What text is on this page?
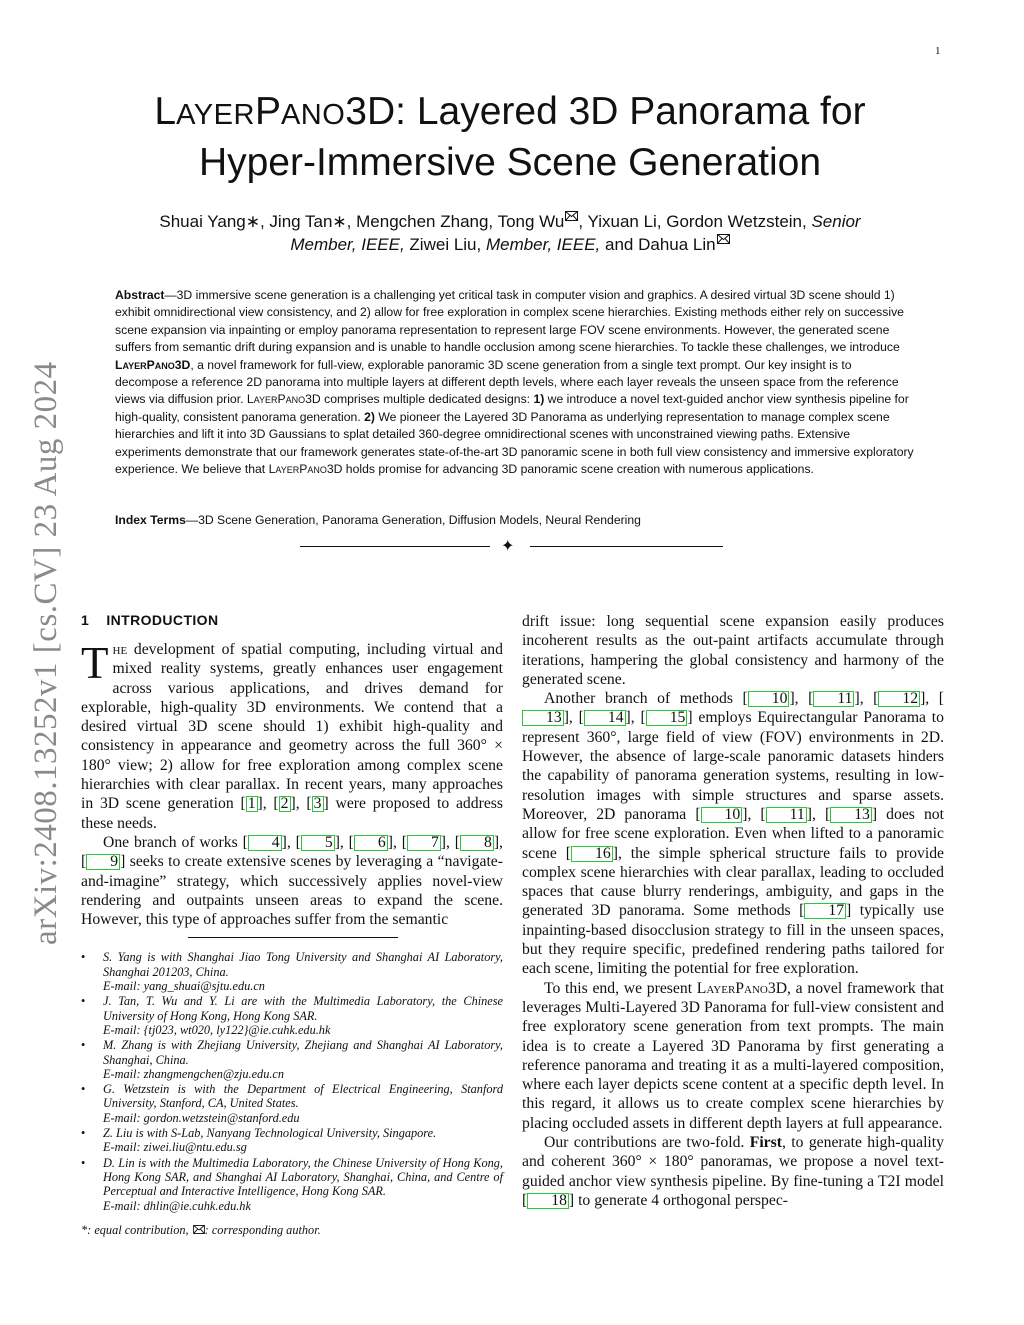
1
arXiv:2408.13252v1 [cs.CV] 23 Aug 2024
LAYERPANO3D: Layered 3D Panorama for
Hyper-Immersive Scene Generation
Shuai Yang∗, Jing Tan∗, Mengchen Zhang, Tong Wu , Yixuan Li, Gordon Wetzstein, Senior Member, IEEE, Ziwei Liu, Member, IEEE, and Dahua Lin

Abstract—3D immersive scene generation is a challenging yet critical task in computer vision and graphics. A desired virtual 3D scene should 1) exhibit omnidirectional view consistency, and 2) allow for free exploration in complex scene hierarchies. Existing methods either rely on successive scene expansion via inpainting or employ panorama representation to represent large FOV scene environments. However, the generated scene suffers from semantic drift during expansion and is unable to handle occlusion among scene hierarchies. To tackle these challenges, we introduce LayerPano3D, a novel framework for full-view, explorable panoramic 3D scene generation from a single text prompt. Our key insight is to decompose a reference 2D panorama into multiple layers at different depth levels, where each layer reveals the unseen space from the reference views via diffusion prior. LayerPano3D comprises multiple dedicated designs: 1) we introduce a novel text-guided anchor view synthesis pipeline for high-quality, consistent panorama generation. 2) We pioneer the Layered 3D Panorama as underlying representation to manage complex scene hierarchies and lift it into 3D Gaussians to splat detailed 360-degree omnidirectional scenes with unconstrained viewing paths. Extensive experiments demonstrate that our framework generates state-of-the-art 3D panoramic scene in both full view consistency and immersive exploratory experience. We believe that LayerPano3D holds promise for advancing 3D panoramic scene creation with numerous applications.

Index Terms—3D Scene Generation, Panorama Generation, Diffusion Models, Neural Rendering

✦
1 INTRODUCTION

The development of spatial computing, including virtual and mixed reality systems, greatly enhances user engagement across various applications, and drives demand for explorable, high-quality 3D environments. We contend that a desired virtual 3D scene should 1) exhibit high-quality and consistency in appearance and geometry across the full 360° × 180° view; 2) allow for free exploration among complex scene hierarchies with clear parallax. In recent years, many approaches in 3D scene generation [ 1 ], [ 2 ], [ 3 ] were proposed to address these needs.

One branch of works [ 4 ], [ 5 ], [ 6 ], [ 7 ], [ 8 ], [ 9 ] seeks to create extensive scenes by leveraging a “navigate-and-imagine” strategy, which successively applies novel-view rendering and outpaints unseen areas to expand the scene. However, this type of approaches suffer from the semantic

• S. Yang is with Shanghai Jiao Tong University and Shanghai AI Laboratory, Shanghai 201203, China.
E-mail: yang_shuai@sjtu.edu.cn
• J. Tan, T. Wu and Y. Li are with the Multimedia Laboratory, the Chinese University of Hong Kong, Hong Kong SAR.
E-mail: {tj023, wt020, ly122}@ie.cuhk.edu.hk
• M. Zhang is with Zhejiang University, Zhejiang and Shanghai AI Laboratory, Shanghai, China.
E-mail: zhangmengchen@zju.edu.cn
• G. Wetzstein is with the Department of Electrical Engineering, Stanford University, Stanford, CA, United States.
E-mail: gordon.wetzstein@stanford.edu
• Z. Liu is with S-Lab, Nanyang Technological University, Singapore.
E-mail: ziwei.liu@ntu.edu.sg
• D. Lin is with the Multimedia Laboratory, the Chinese University of Hong Kong, Hong Kong SAR, and Shanghai AI Laboratory, Shanghai, China, and Centre of Perceptual and Interactive Intelligence, Hong Kong SAR.
E-mail: dhlin@ie.cuhk.edu.hk
*: equal contribution, : corresponding author.

drift issue: long sequential scene expansion easily produces incoherent results as the out-paint artifacts accumulate through iterations, hampering the global consistency and harmony of the generated scene.

Another branch of methods [ 10 ], [ 11 ], [ 12 ], [13 ], [ 14 ], [ 15 ] employs Equirectangular Panorama to represent 360°, large field of view (FOV) environments in 2D. However, the absence of large-scale panoramic datasets hinders the capability of panorama generation systems, resulting in low-resolution images with simple structures and sparse assets. Moreover, 2D panorama [ 10 ], [ 11 ], [ 13 ] does not allow for free scene exploration. Even when lifted to a panoramic scene [ 16 ], the simple spherical structure fails to provide complex scene hierarchies with clear parallax, leading to occluded spaces that cause blurry renderings, ambiguity, and gaps in the generated 3D panorama. Some methods [ 17 ] typically use inpainting-based disocclusion strategy to fill in the unseen spaces, but they require specific, predefined rendering paths tailored for each scene, limiting the potential for free exploration.

To this end, we present LayerPano3D, a novel framework that leverages Multi-Layered 3D Panorama for full-view consistent and free exploratory scene generation from text prompts. The main idea is to create a Layered 3D Panorama by first generating a reference panorama and treating it as a multi-layered composition, where each layer depicts scene content at a specific depth level. In this regard, it allows us to create complex scene hierarchies by placing occluded assets in different depth layers at full appearance.

Our contributions are two-fold. First, to generate high-quality and coherent 360° × 180° panoramas, we propose a novel text-guided anchor view synthesis pipeline. By fine-tuning a T2I model [ 18 ] to generate 4 orthogonal perspec-
